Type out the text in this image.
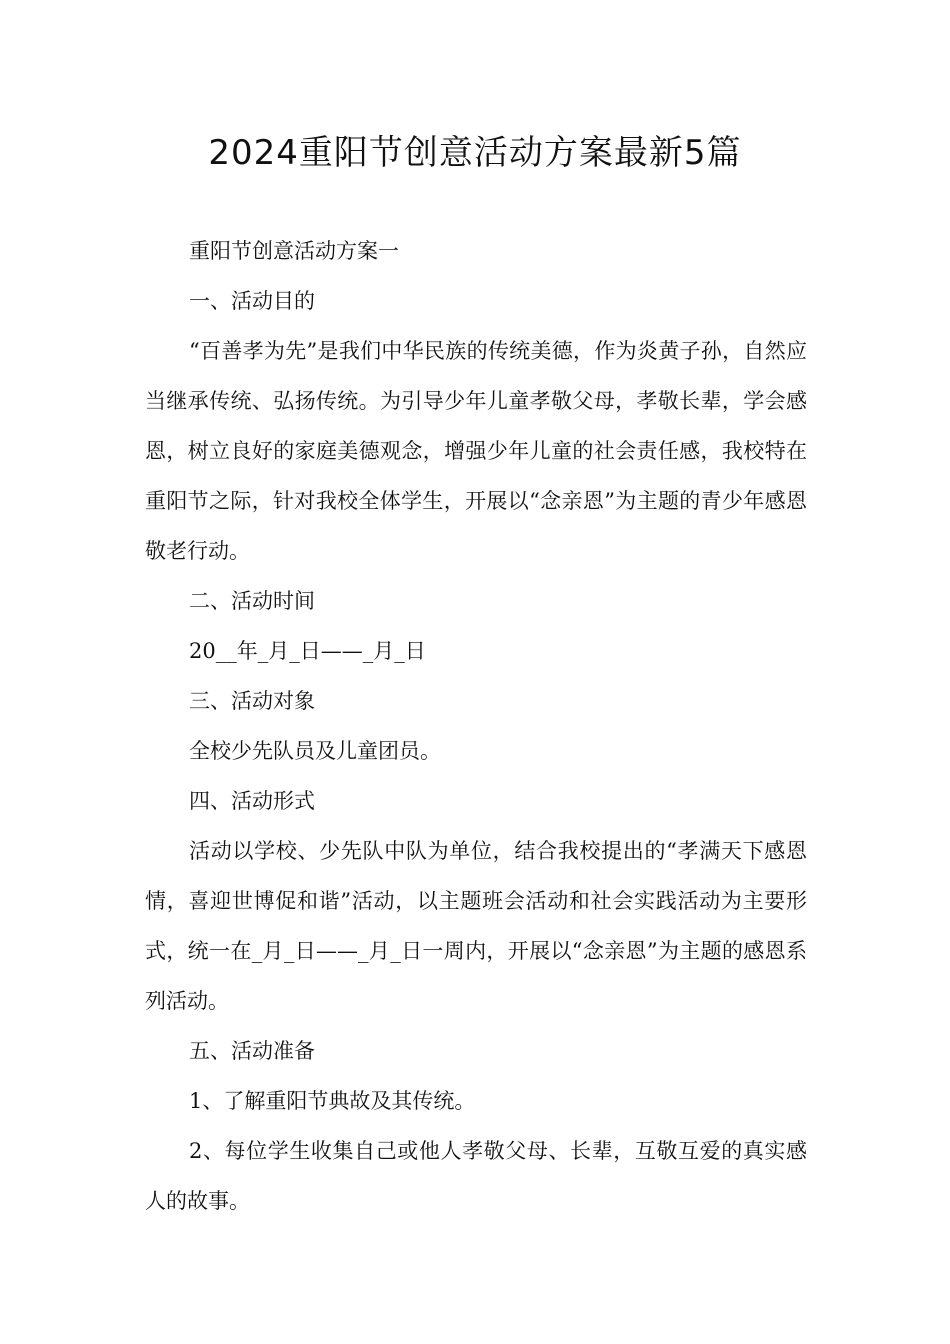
2024重阳节创意活动方案最新5篇

重阳节创意活动方案一

一、活动目的

“百善孝为先”是我们中华民族的传统美德，作为炎黄子孙，自然应当继承传统、弘扬传统。为引导少年儿童孝敬父母，孝敬长辈，学会感恩，树立良好的家庭美德观念，增强少年儿童的社会责任感，我校特在重阳节之际，针对我校全体学生，开展以“念亲恩”为主题的青少年感恩敬老行动。

二、活动时间

20__年_月_日——_月_日

三、活动对象

全校少先队员及儿童团员。

四、活动形式

活动以学校、少先队中队为单位，结合我校提出的“孝满天下感恩情，喜迎世博促和谐”活动，以主题班会活动和社会实践活动为主要形式，统一在_月_日——_月_日一周内，开展以“念亲恩”为主题的感恩系列活动。

五、活动准备

1、了解重阳节典故及其传统。

2、每位学生收集自己或他人孝敬父母、长辈，互敬互爱的真实感人的故事。
